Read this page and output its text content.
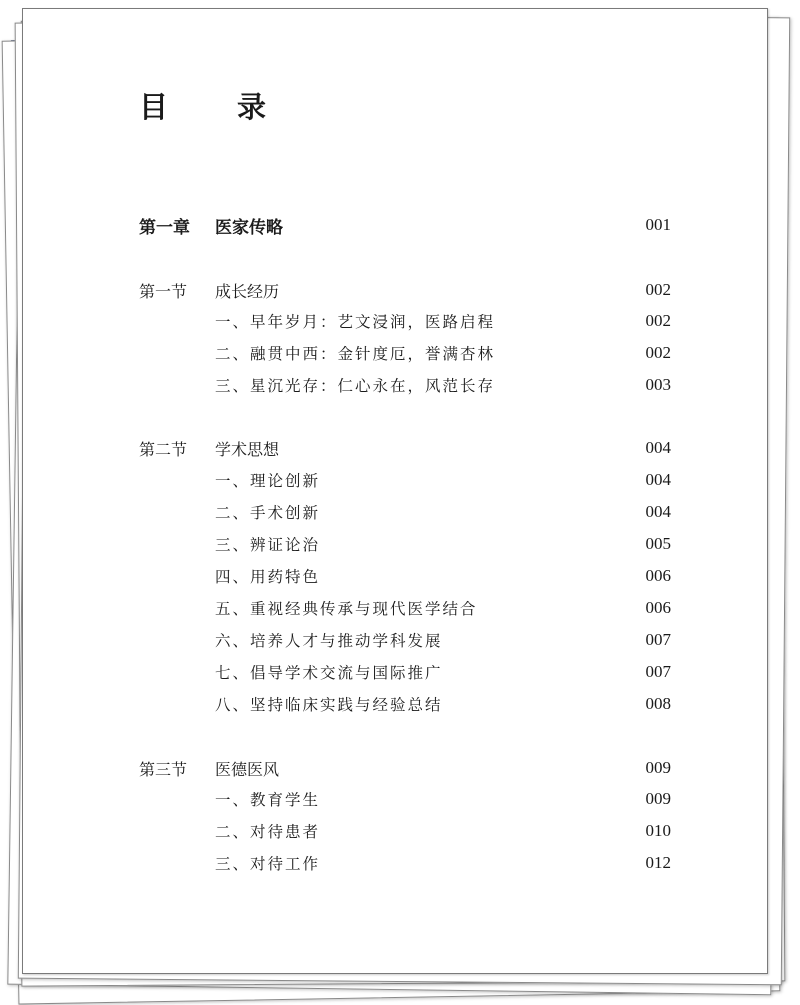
目　录
第一章	医家传略	001
第一节	成长经历	002
一、早年岁月：艺文浸润，医路启程	002
二、融贯中西：金针度厄，誉满杏林	002
三、星沉光存：仁心永在，风范长存	003
第二节	学术思想	004
一、理论创新	004
二、手术创新	004
三、辨证论治	005
四、用药特色	006
五、重视经典传承与现代医学结合	006
六、培养人才与推动学科发展	007
七、倡导学术交流与国际推广	007
八、坚持临床实践与经验总结	008
第三节	医德医风	009
一、教育学生	009
二、对待患者	010
三、对待工作	012
